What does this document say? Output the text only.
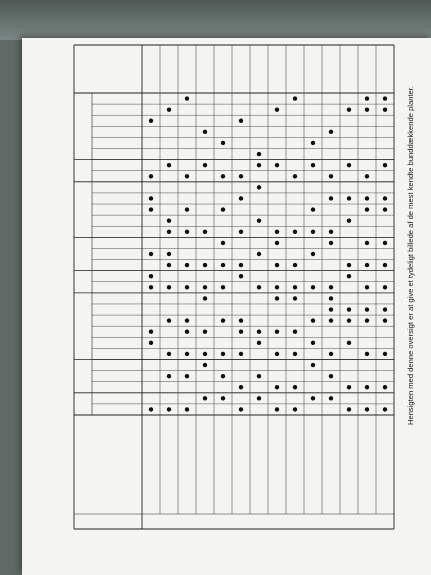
Hensigten med denne oversigt er at give et tydeligt billede af de mest kendte bunddækkende planter.
